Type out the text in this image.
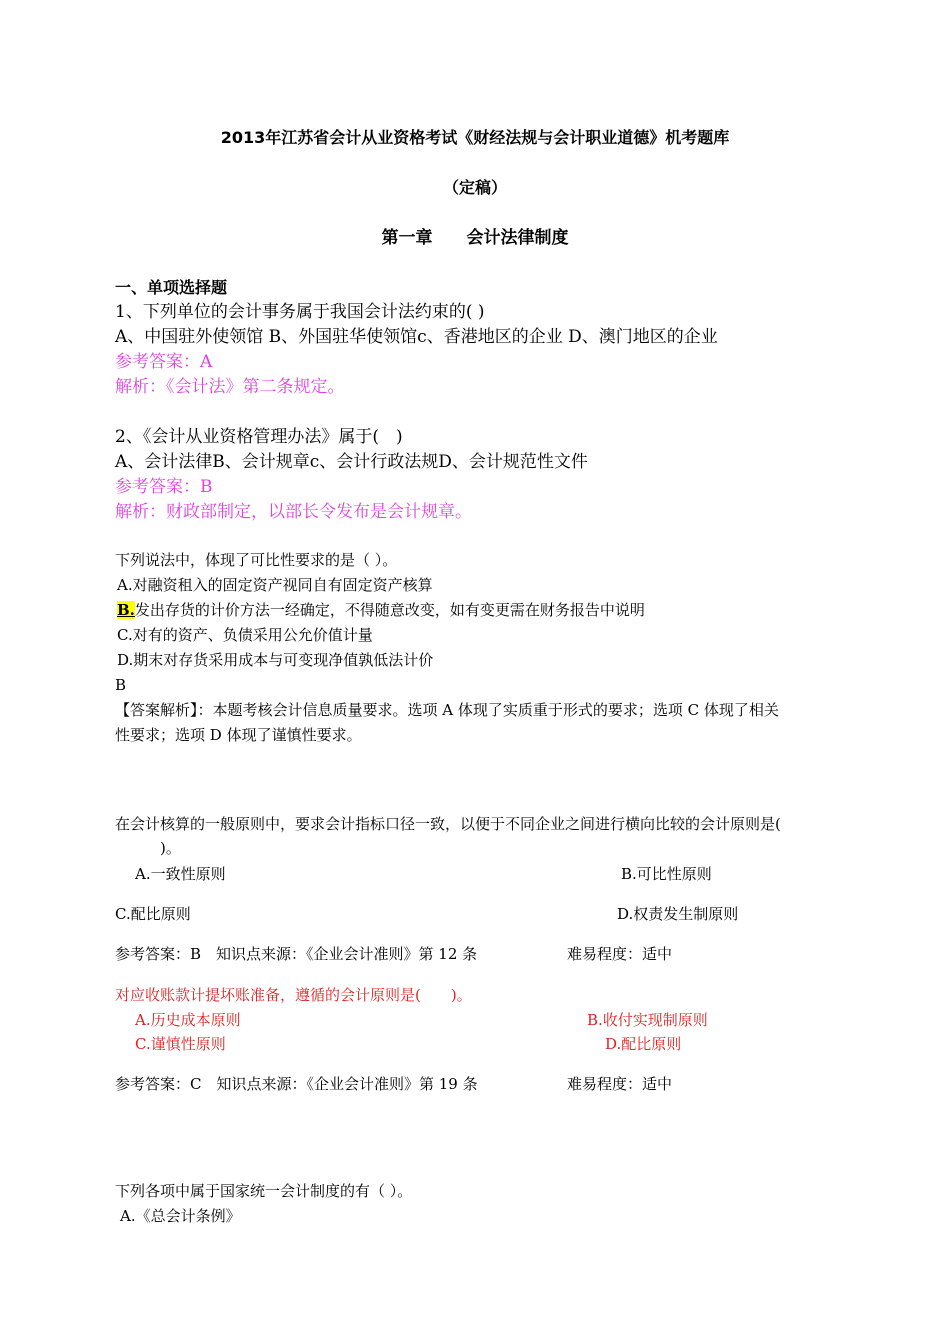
2013年江苏省会计从业资格考试《财经法规与会计职业道德》机考题库
（定稿）
第一章　　会计法律制度
一、单项选择题
1、下列单位的会计事务属于我国会计法约束的( )
A、中国驻外使领馆 B、外国驻华使领馆c、香港地区的企业 D、澳门地区的企业
参考答案：A
解析：《会计法》第二条规定。
2、《会计从业资格管理办法》属于(　)
A、会计法律B、会计规章c、会计行政法规D、会计规范性文件
参考答案：B
解析：财政部制定，以部长令发布是会计规章。
下列说法中，体现了可比性要求的是（ ）。
A.对融资租入的固定资产视同自有固定资产核算
B.发出存货的计价方法一经确定，不得随意改变，如有变更需在财务报告中说明
C.对有的资产、负债采用公允价值计量
D.期末对存货采用成本与可变现净值孰低法计价
B
【答案解析】：本题考核会计信息质量要求。选项 A 体现了实质重于形式的要求；选项 C 体现了相关
性要求；选项 D 体现了谨慎性要求。
在会计核算的一般原则中，要求会计指标口径一致，以便于不同企业之间进行横向比较的会计原则是(
)。
A.一致性原则	B.可比性原则
C.配比原则	D.权责发生制原则
参考答案：B　知识点来源：《企业会计准则》第 12 条	难易程度：适中
对应收账款计提坏账准备，遵循的会计原则是(　　)。
A.历史成本原则	B.收付实现制原则
C.谨慎性原则	D.配比原则
参考答案：C　知识点来源：《企业会计准则》第 19 条	难易程度：适中
下列各项中属于国家统一会计制度的有（ ）。
A.《总会计条例》
